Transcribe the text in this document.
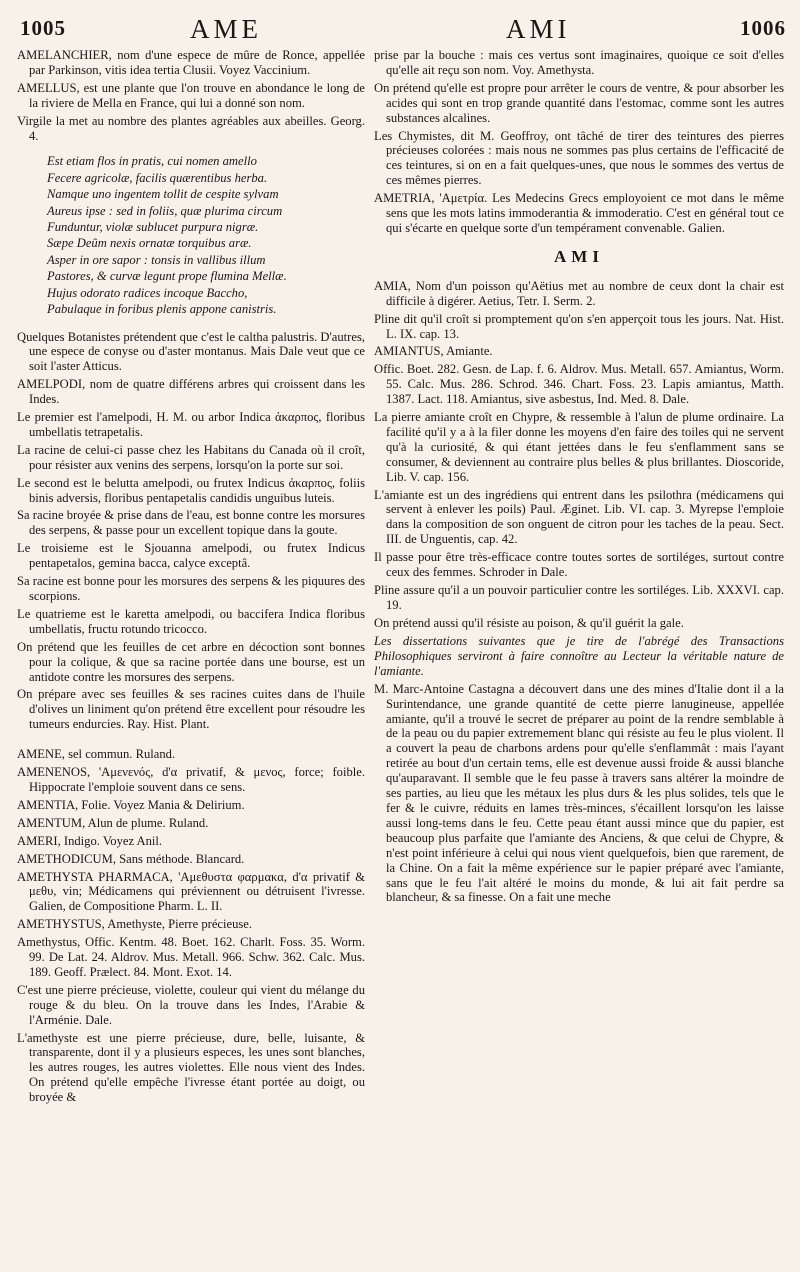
1005	AME	AMI	1006

AMELANCHIER, nom d'une espece de mûre de Ronce, appellée par Parkinson, vitis idea tertia Clusii. Voyez Vaccinium.

AMELLUS, est une plante que l'on trouve en abondance le long de la riviere de Mella en France, qui lui a donné son nom.

Virgile la met au nombre des plantes agréables aux abeilles. Georg. 4.

Est etiam flos in pratis, cui nomen amello
Fecere agricolæ, facilis quærentibus herba.
Namque uno ingentem tollit de cespite sylvam
Aureus ipse : sed in foliis, quæ plurima circum
Funduntur, violæ sublucet purpura nigræ.
Sæpe Deûm nexis ornatæ torquibus aræ.
Asper in ore sapor : tonsis in vallibus illum
Pastores, & curvæ legunt prope flumina Mellæ.
Hujus odorato radices incoque Baccho,
Pabulaque in foribus plenis appone canistris.

Quelques Botanistes prétendent que c'est le caltha palustris. D'autres, une espece de conyse ou d'aster montanus. Mais Dale veut que ce soit l'aster Atticus.

AMELPODI, nom de quatre différens arbres qui croissent dans les Indes.

Le premier est l'amelpodi, H. M. ou arbor Indica ἀκαρπος, floribus umbellatis tetrapetalis.

La racine de celui-ci passe chez les Habitans du Canada où il croît, pour résister aux venins des serpens, lorsqu'on la porte sur soi.

Le second est le belutta amelpodi, ou frutex Indicus ἀκαρπος, foliis binis adversis, floribus pentapetalis candidis unguibus luteis.

Sa racine broyée & prise dans de l'eau, est bonne contre les morsures des serpens, & passe pour un excellent topique dans la goute.

Le troisieme est le Sjouanna amelpodi, ou frutex Indicus pentapetalos, gemina bacca, calyce exceptâ.

Sa racine est bonne pour les morsures des serpens & les piquures des scorpions.

Le quatrieme est le karetta amelpodi, ou baccifera Indica floribus umbellatis, fructu rotundo tricocco.

On prétend que les feuilles de cet arbre en décoction sont bonnes pour la colique, & que sa racine portée dans une bourse, est un antidote contre les morsures des serpens.

On prépare avec ses feuilles & ses racines cuites dans de l'huile d'olives un liniment qu'on prétend être excellent pour résoudre les tumeurs endurcies. Ray. Hist. Plant.

AMENE, sel commun. Ruland.

AMENENOS, 'Αμενενός, d'α privatif, & μενος, force; foible. Hippocrate l'emploie souvent dans ce sens.

AMENTIA, Folie. Voyez Mania & Delirium.

AMENTUM, Alun de plume. Ruland.

AMERI, Indigo. Voyez Anil.

AMETHODICUM, Sans méthode. Blancard.

AMETHYSTA PHARMACA, 'Αμεθυστα φαρμακα, d'α privatif & μεθυ, vin; Médicamens qui préviennent ou détruisent l'ivresse. Galien, de Compositione Pharm. L. II.

AMETHYSTUS, Amethyste, Pierre précieuse.

Amethystus, Offic. Kentm. 48. Boet. 162. Charlt. Foss. 35. Worm. 99. De Lat. 24. Aldrov. Mus. Metall. 966. Schw. 362. Calc. Mus. 189. Geoff. Prælect. 84. Mont. Exot. 14.

C'est une pierre précieuse, violette, couleur qui vient du mélange du rouge & du bleu. On la trouve dans les Indes, l'Arabie & l'Arménie. Dale.

L'amethyste est une pierre précieuse, dure, belle, luisante, & transparente, dont il y a plusieurs especes, les unes sont blanches, les autres rouges, les autres violettes. Elle nous vient des Indes. On prétend qu'elle empêche l'ivresse étant portée au doigt, ou broyée &

prise par la bouche : mais ces vertus sont imaginaires, quoique ce soit d'elles qu'elle ait reçu son nom. Voy. Amethysta.

On prétend qu'elle est propre pour arrêter le cours de ventre, & pour absorber les acides qui sont en trop grande quantité dans l'estomac, comme sont les autres substances alcalines.

Les Chymistes, dit M. Geoffroy, ont tâché de tirer des teintures des pierres précieuses colorées : mais nous ne sommes pas plus certains de l'efficacité de ces teintures, si on en a fait quelques-unes, que nous le sommes des vertus de ces mêmes pierres.

AMETRIA, 'Αμετρία. Les Medecins Grecs employoient ce mot dans le même sens que les mots latins immoderantia & immoderatio. C'est en général tout ce qui s'écarte en quelque sorte d'un tempérament convenable. Galien.

AMI

AMIA, Nom d'un poisson qu'Aëtius met au nombre de ceux dont la chair est difficile à digérer. Aetius, Tetr. I. Serm. 2.

Pline dit qu'il croît si promptement qu'on s'en apperçoit tous les jours. Nat. Hist. L. IX. cap. 13.

AMIANTUS, Amiante.

Offic. Boet. 282. Gesn. de Lap. f. 6. Aldrov. Mus. Metall. 657. Amiantus, Worm. 55. Calc. Mus. 286. Schrod. 346. Chart. Foss. 23. Lapis amiantus, Matth. 1387. Lact. 118. Amiantus, sive asbestus, Ind. Med. 8. Dale.

La pierre amiante croît en Chypre, & ressemble à l'alun de plume ordinaire. La facilité qu'il y a à la filer donne les moyens d'en faire des toiles qui ne servent qu'à la curiosité, & qui étant jettées dans le feu s'enflamment sans se consumer, & deviennent au contraire plus belles & plus brillantes. Dioscoride, Lib. V. cap. 156.

L'amiante est un des ingrédiens qui entrent dans les psilothra (médicamens qui servent à enlever les poils) Paul. Æginet. Lib. VI. cap. 3. Myrepse l'emploie dans la composition de son onguent de citron pour les taches de la peau. Sect. III. de Unguentis, cap. 42.

Il passe pour être très-efficace contre toutes sortes de sortiléges, surtout contre ceux des femmes. Schroder in Dale.

Pline assure qu'il a un pouvoir particulier contre les sortiléges. Lib. XXXVI. cap. 19.

On prétend aussi qu'il résiste au poison, & qu'il guérit la gale.

Les dissertations suivantes que je tire de l'abrégé des Transactions Philosophiques serviront à faire connoître au Lecteur la véritable nature de l'amiante.

M. Marc-Antoine Castagna a découvert dans une des mines d'Italie dont il a la Surintendance, une grande quantité de cette pierre lanugineuse, appellée amiante, qu'il a trouvé le secret de préparer au point de la rendre semblable à de la peau ou du papier extremement blanc qui résiste au feu le plus violent. Il a couvert la peau de charbons ardens pour qu'elle s'enflammât : mais l'ayant retirée au bout d'un certain tems, elle est devenue aussi froide & aussi blanche qu'auparavant. Il semble que le feu passe à travers sans altérer la moindre de ses parties, au lieu que les métaux les plus durs & les plus solides, tels que le fer & le cuivre, réduits en lames très-minces, s'écaillent lorsqu'on les laisse aussi long-tems dans le feu. Cette peau étant aussi mince que du papier, est beaucoup plus parfaite que l'amiante des Anciens, & que celui de Chypre, & n'est point inférieure à celui qui nous vient quelquefois, bien que rarement, de la Chine. On a fait la même expérience sur le papier préparé avec l'amiante, sans que le feu l'ait altéré le moins du monde, & lui ait fait perdre sa blancheur, & sa finesse. On a fait une meche
